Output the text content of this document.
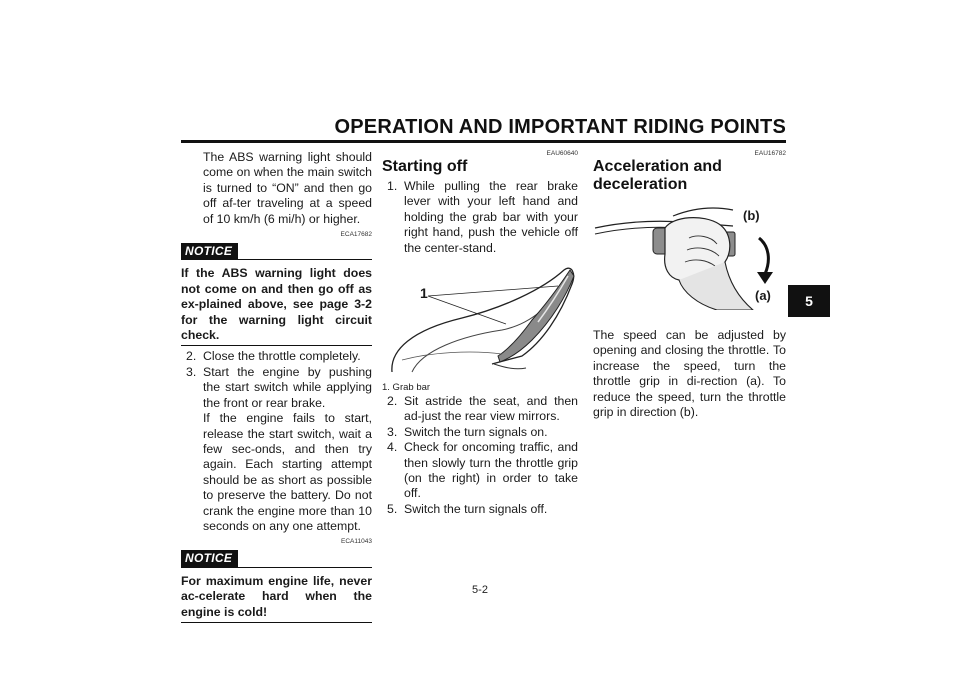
OPERATION AND IMPORTANT RIDING POINTS
5

The ABS warning light should come on when the main switch is turned to “ON” and then go off af-ter traveling at a speed of 10 km/h (6 mi/h) or higher.

ECA17682
NOTICE
If the ABS warning light does not come on and then go off as ex-plained above, see page 3-2 for the warning light circuit check.
2. Close the throttle completely.
3. Start the engine by pushing the start switch while applying the front or rear brake.
If the engine fails to start, release the start switch, wait a few sec-onds, and then try again. Each starting attempt should be as short as possible to preserve the battery. Do not crank the engine more than 10 seconds on any one attempt.
ECA11043
NOTICE
For maximum engine life, never ac-celerate hard when the engine is cold!
EAU60640
Starting off
1. While pulling the rear brake lever with your left hand and holding the grab bar with your right hand, push the vehicle off the center-stand.
1
1. Grab bar
2. Sit astride the seat, and then ad-just the rear view mirrors.
3. Switch the turn signals on.
4. Check for oncoming traffic, and then slowly turn the throttle grip (on the right) in order to take off.
5. Switch the turn signals off.
EAU16782
Acceleration and deceleration
(b)
(a)

The speed can be adjusted by opening and closing the throttle. To increase the speed, turn the throttle grip in di-rection (a). To reduce the speed, turn the throttle grip in direction (b).

5-2
